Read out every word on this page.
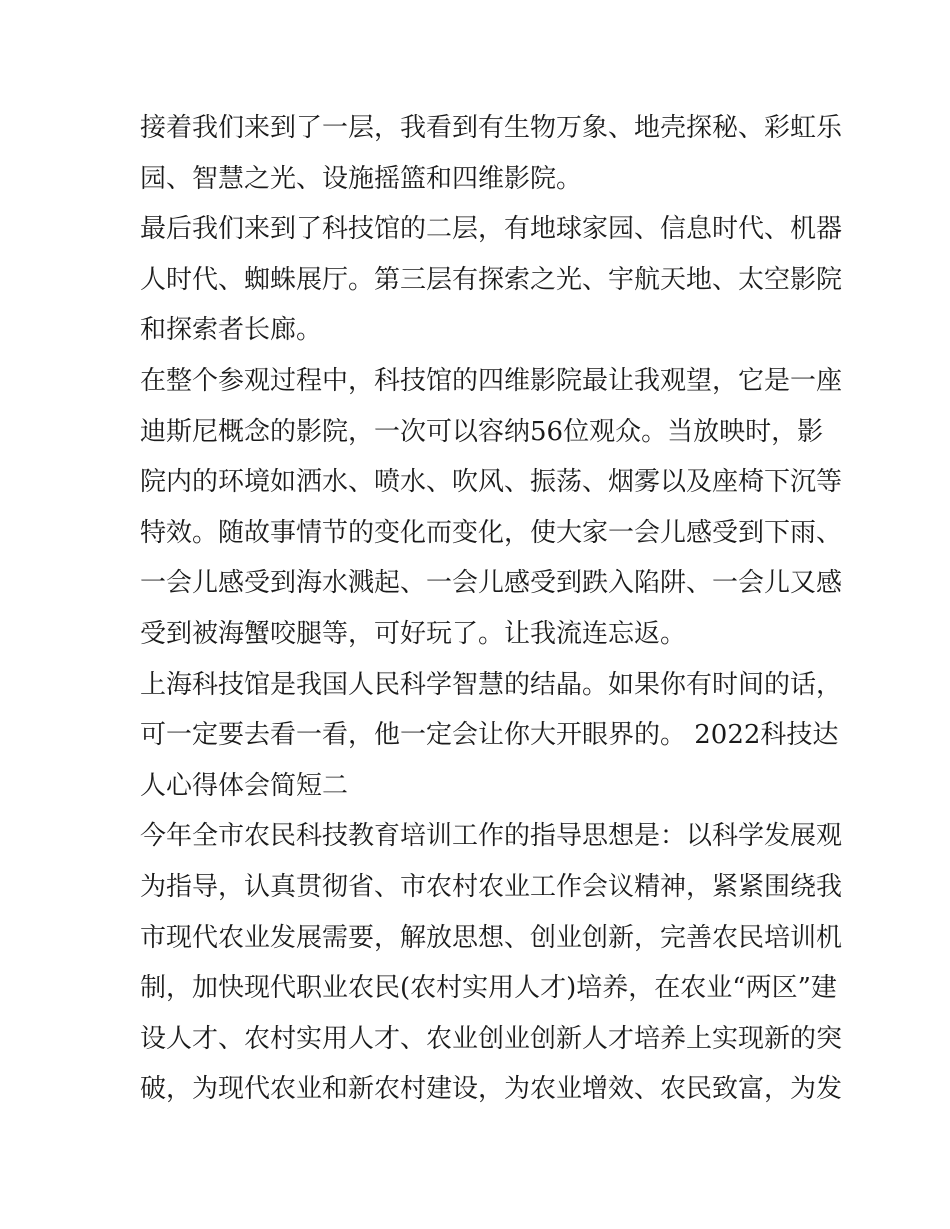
接着我们来到了一层，我看到有生物万象、地壳探秘、彩虹乐
园、智慧之光、设施摇篮和四维影院。
最后我们来到了科技馆的二层，有地球家园、信息时代、机器
人时代、蜘蛛展厅。第三层有探索之光、宇航天地、太空影院
和探索者长廊。
在整个参观过程中，科技馆的四维影院最让我观望，它是一座
迪斯尼概念的影院，一次可以容纳56位观众。当放映时，影
院内的环境如洒水、喷水、吹风、振荡、烟雾以及座椅下沉等
特效。随故事情节的变化而变化，使大家一会儿感受到下雨、
一会儿感受到海水溅起、一会儿感受到跌入陷阱、一会儿又感
受到被海蟹咬腿等，可好玩了。让我流连忘返。
上海科技馆是我国人民科学智慧的结晶。如果你有时间的话，
可一定要去看一看，他一定会让你大开眼界的。 2022科技达
人心得体会简短二
今年全市农民科技教育培训工作的指导思想是：以科学发展观
为指导，认真贯彻省、市农村农业工作会议精神，紧紧围绕我
市现代农业发展需要，解放思想、创业创新，完善农民培训机
制，加快现代职业农民(农村实用人才)培养，在农业“两区”建
设人才、农村实用人才、农业创业创新人才培养上实现新的突
破，为现代农业和新农村建设，为农业增效、农民致富，为发
